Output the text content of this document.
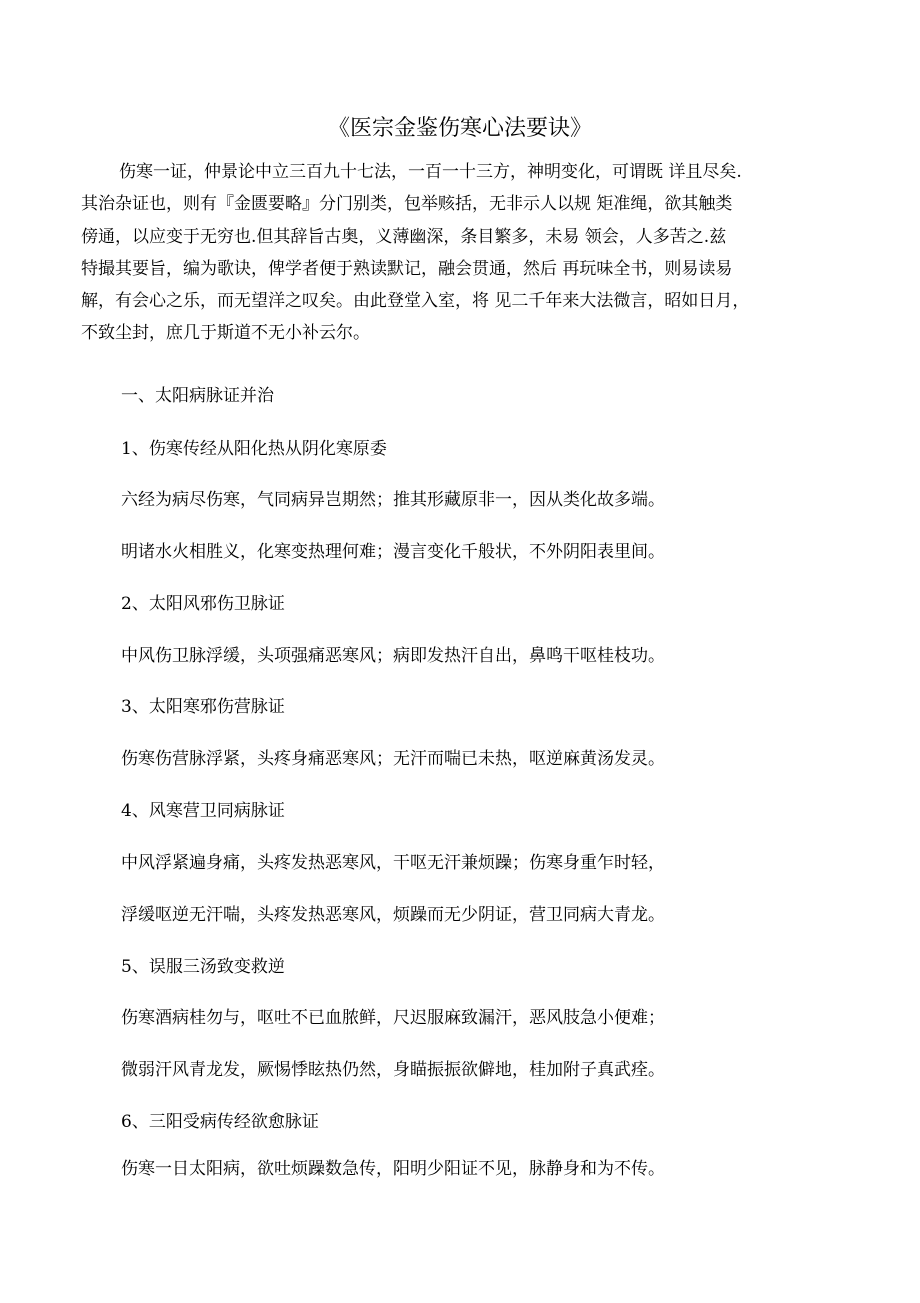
《医宗金鉴伤寒心法要诀》
伤寒一证，仲景论中立三百九十七法，一百一十三方，神明变化，可谓既 详且尽矣.
其治杂证也，则有『金匮要略』分门别类，包举赅括，无非示人以规 矩准绳，欲其触类
傍通，以应变于无穷也.但其辞旨古奥，义薄幽深，条目繁多，未易 领会，人多苦之.兹
特撮其要旨，编为歌诀，俾学者便于熟读默记，融会贯通，然后 再玩味全书，则易读易
解，有会心之乐，而无望洋之叹矣。由此登堂入室，将 见二千年来大法微言，昭如日月，
不致尘封，庶几于斯道不无小补云尔。

一、太阳病脉证并治

1、伤寒传经从阳化热从阴化寒原委

六经为病尽伤寒，气同病异岂期然；推其形藏原非一，因从类化故多端。

明诸水火相胜义，化寒变热理何难；漫言变化千般状，不外阴阳表里间。

2、太阳风邪伤卫脉证

中风伤卫脉浮缓，头项强痛恶寒风；病即发热汗自出，鼻鸣干呕桂枝功。

3、太阳寒邪伤营脉证

伤寒伤营脉浮紧，头疼身痛恶寒风；无汗而喘已未热，呕逆麻黄汤发灵。

4、风寒营卫同病脉证

中风浮紧遍身痛，头疼发热恶寒风，干呕无汗兼烦躁；伤寒身重乍时轻，

浮缓呕逆无汗喘，头疼发热恶寒风，烦躁而无少阴证，营卫同病大青龙。

5、误服三汤致变救逆

伤寒酒病桂勿与，呕吐不已血脓鲜，尺迟服麻致漏汗，恶风肢急小便难；

微弱汗风青龙发，厥惕悸眩热仍然，身瞄振振欲僻地，桂加附子真武痊。

6、三阳受病传经欲愈脉证

伤寒一日太阳病，欲吐烦躁数急传，阳明少阳证不见，脉静身和为不传。
